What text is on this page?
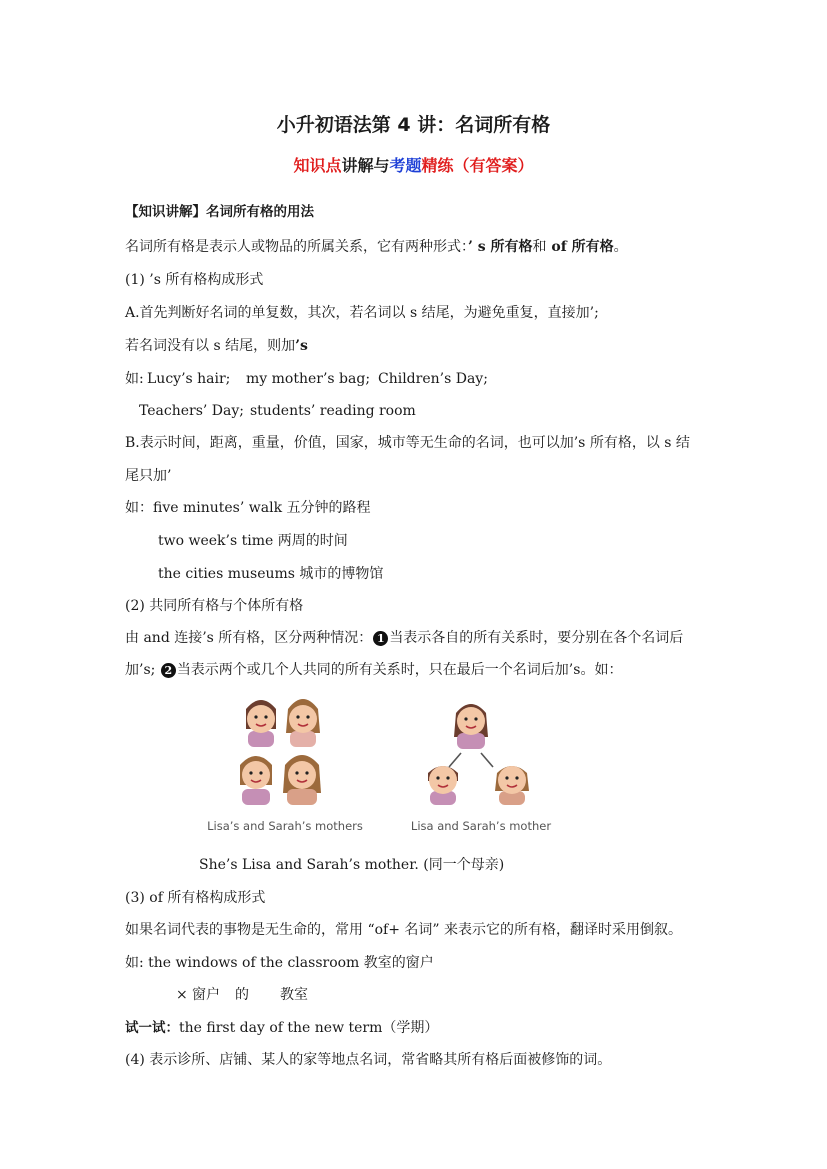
小升初语法第 4 讲：名词所有格
知识点讲解与考题精练（有答案）
【知识讲解】名词所有格的用法
名词所有格是表示人或物品的所属关系，它有两种形式：’ s 所有格和 of 所有格。
(1) ’s 所有格构成形式
A.首先判断好名词的单复数，其次，若名词以 s 结尾，为避免重复，直接加’;
若名词没有以 s 结尾，则加’s
如: Lucy’s hair; my mother’s bag; Children’s Day;
Teachers’ Day; students’ reading room
B.表示时间，距离，重量，价值，国家，城市等无生命的名词，也可以加’s 所有格，以 s 结
尾只加’
如： five minutes’ walk 五分钟的路程
two week’s time 两周的时间
the cities museums 城市的博物馆
(2) 共同所有格与个体所有格
由 and 连接’s 所有格，区分两种情况： 1 当表示各自的所有关系时，要分别在各个名词后
加’s; 2 当表示两个或几个人共同的所有关系时，只在最后一个名词后加’s。如：
Lisa’s and Sarah’s mothers	Lisa and Sarah’s mother
She’s Lisa and Sarah’s mother. (同一个母亲)
(3) of 所有格构成形式
如果名词代表的事物是无生命的，常用 “of+ 名词” 来表示它的所有格，翻译时采用倒叙。
如: the windows of the classroom 教室的窗户
× 窗户 的 教室
试一试：the first day of the new term（学期）
(4) 表示诊所、店铺、某人的家等地点名词，常省略其所有格后面被修饰的词。
